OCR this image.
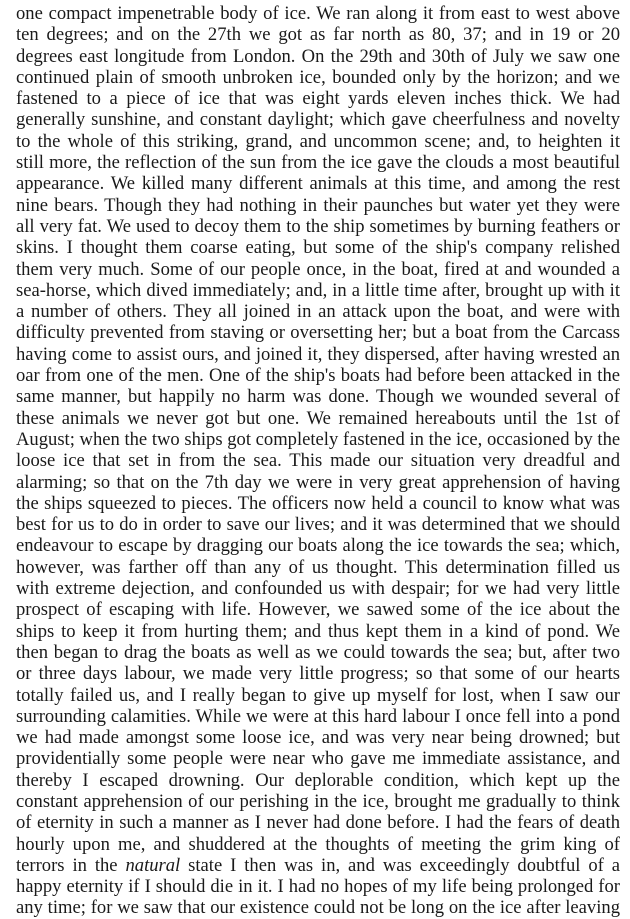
one compact impenetrable body of ice. We ran along it from east to west above
ten degrees; and on the 27th we got as far north as 80, 37; and in 19 or 20
degrees east longitude from London. On the 29th and 30th of July we saw one
continued plain of smooth unbroken ice, bounded only by the horizon; and we
fastened to a piece of ice that was eight yards eleven inches thick. We had
generally sunshine, and constant daylight; which gave cheerfulness and novelty
to the whole of this striking, grand, and uncommon scene; and, to heighten it
still more, the reflection of the sun from the ice gave the clouds a most beautiful
appearance. We killed many different animals at this time, and among the rest
nine bears. Though they had nothing in their paunches but water yet they were
all very fat. We used to decoy them to the ship sometimes by burning feathers or
skins. I thought them coarse eating, but some of the ship's company relished
them very much. Some of our people once, in the boat, fired at and wounded a
sea-horse, which dived immediately; and, in a little time after, brought up with it
a number of others. They all joined in an attack upon the boat, and were with
difficulty prevented from staving or oversetting her; but a boat from the Carcass
having come to assist ours, and joined it, they dispersed, after having wrested an
oar from one of the men. One of the ship's boats had before been attacked in the
same manner, but happily no harm was done. Though we wounded several of
these animals we never got but one. We remained hereabouts until the 1st of
August; when the two ships got completely fastened in the ice, occasioned by the
loose ice that set in from the sea. This made our situation very dreadful and
alarming; so that on the 7th day we were in very great apprehension of having
the ships squeezed to pieces. The officers now held a council to know what was
best for us to do in order to save our lives; and it was determined that we should
endeavour to escape by dragging our boats along the ice towards the sea; which,
however, was farther off than any of us thought. This determination filled us
with extreme dejection, and confounded us with despair; for we had very little
prospect of escaping with life. However, we sawed some of the ice about the
ships to keep it from hurting them; and thus kept them in a kind of pond. We
then began to drag the boats as well as we could towards the sea; but, after two
or three days labour, we made very little progress; so that some of our hearts
totally failed us, and I really began to give up myself for lost, when I saw our
surrounding calamities. While we were at this hard labour I once fell into a pond
we had made amongst some loose ice, and was very near being drowned; but
providentially some people were near who gave me immediate assistance, and
thereby I escaped drowning. Our deplorable condition, which kept up the
constant apprehension of our perishing in the ice, brought me gradually to think
of eternity in such a manner as I never had done before. I had the fears of death
hourly upon me, and shuddered at the thoughts of meeting the grim king of
terrors in the natural state I then was in, and was exceedingly doubtful of a
happy eternity if I should die in it. I had no hopes of my life being prolonged for
any time; for we saw that our existence could not be long on the ice after leaving
